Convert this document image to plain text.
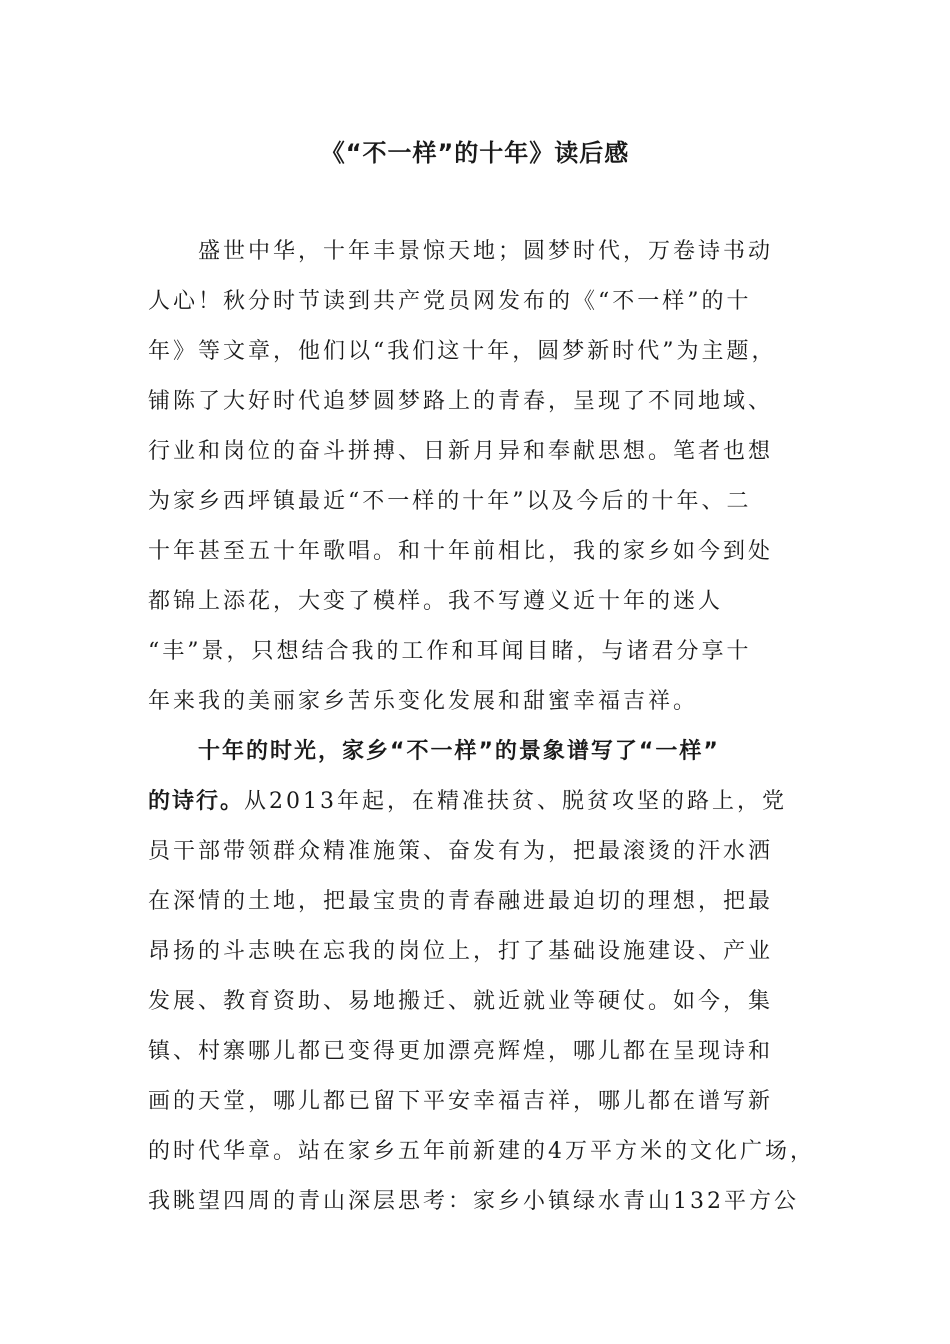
《“不一样”的十年》读后感
盛世中华，十年丰景惊天地；圆梦时代，万卷诗书动
人心！秋分时节读到共产党员网发布的《“不一样”的十
年》等文章，他们以“我们这十年，圆梦新时代”为主题，
铺陈了大好时代追梦圆梦路上的青春，呈现了不同地域、
行业和岗位的奋斗拼搏、日新月异和奉献思想。笔者也想
为家乡西坪镇最近“不一样的十年”以及今后的十年、二
十年甚至五十年歌唱。和十年前相比，我的家乡如今到处
都锦上添花，大变了模样。我不写遵义近十年的迷人
“丰”景，只想结合我的工作和耳闻目睹，与诸君分享十
年来我的美丽家乡苦乐变化发展和甜蜜幸福吉祥。
十年的时光，家乡“不一样”的景象谱写了“一样”
的诗行。从2013年起，在精准扶贫、脱贫攻坚的路上，党
员干部带领群众精准施策、奋发有为，把最滚烫的汗水洒
在深情的土地，把最宝贵的青春融进最迫切的理想，把最
昂扬的斗志映在忘我的岗位上，打了基础设施建设、产业
发展、教育资助、易地搬迁、就近就业等硬仗。如今，集
镇、村寨哪儿都已变得更加漂亮辉煌，哪儿都在呈现诗和
画的天堂，哪儿都已留下平安幸福吉祥，哪儿都在谱写新
的时代华章。站在家乡五年前新建的4万平方米的文化广场，
我眺望四周的青山深层思考：家乡小镇绿水青山132平方公
